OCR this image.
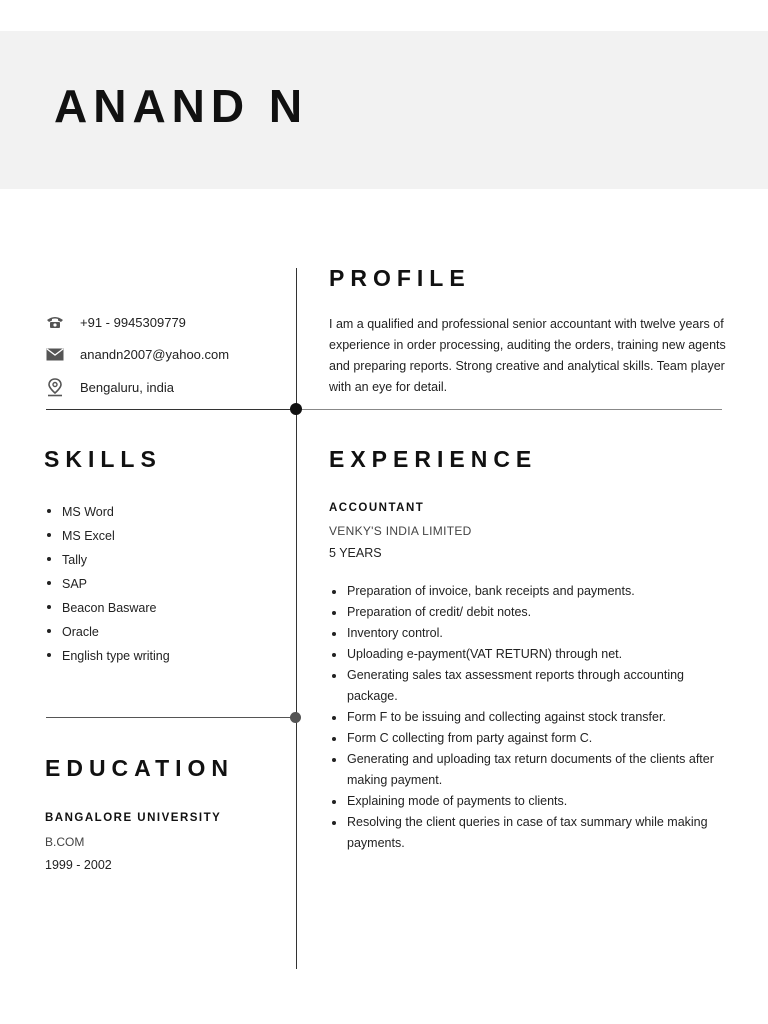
ANAND N
+91 - 9945309779
anandn2007@yahoo.com
Bengaluru, india
PROFILE
I am a qualified and professional senior accountant with twelve years of experience in order processing, auditing the orders, training new agents and preparing reports. Strong creative and analytical skills. Team player with an eye for detail.
SKILLS
MS Word
MS Excel
Tally
SAP
Beacon Basware
Oracle
English type writing
EXPERIENCE
ACCOUNTANT
VENKY'S INDIA LIMITED
5 YEARS
Preparation of invoice, bank receipts and payments.
Preparation of credit/ debit notes.
Inventory control.
Uploading e-payment(VAT RETURN) through net.
Generating sales tax assessment reports through accounting package.
Form F to be issuing and collecting against stock transfer.
Form C collecting from party against form C.
Generating and uploading tax return documents of the clients after making payment.
Explaining mode of payments to clients.
Resolving the client queries in case of tax summary while making payments.
EDUCATION
BANGALORE UNIVERSITY
B.COM
1999 - 2002
